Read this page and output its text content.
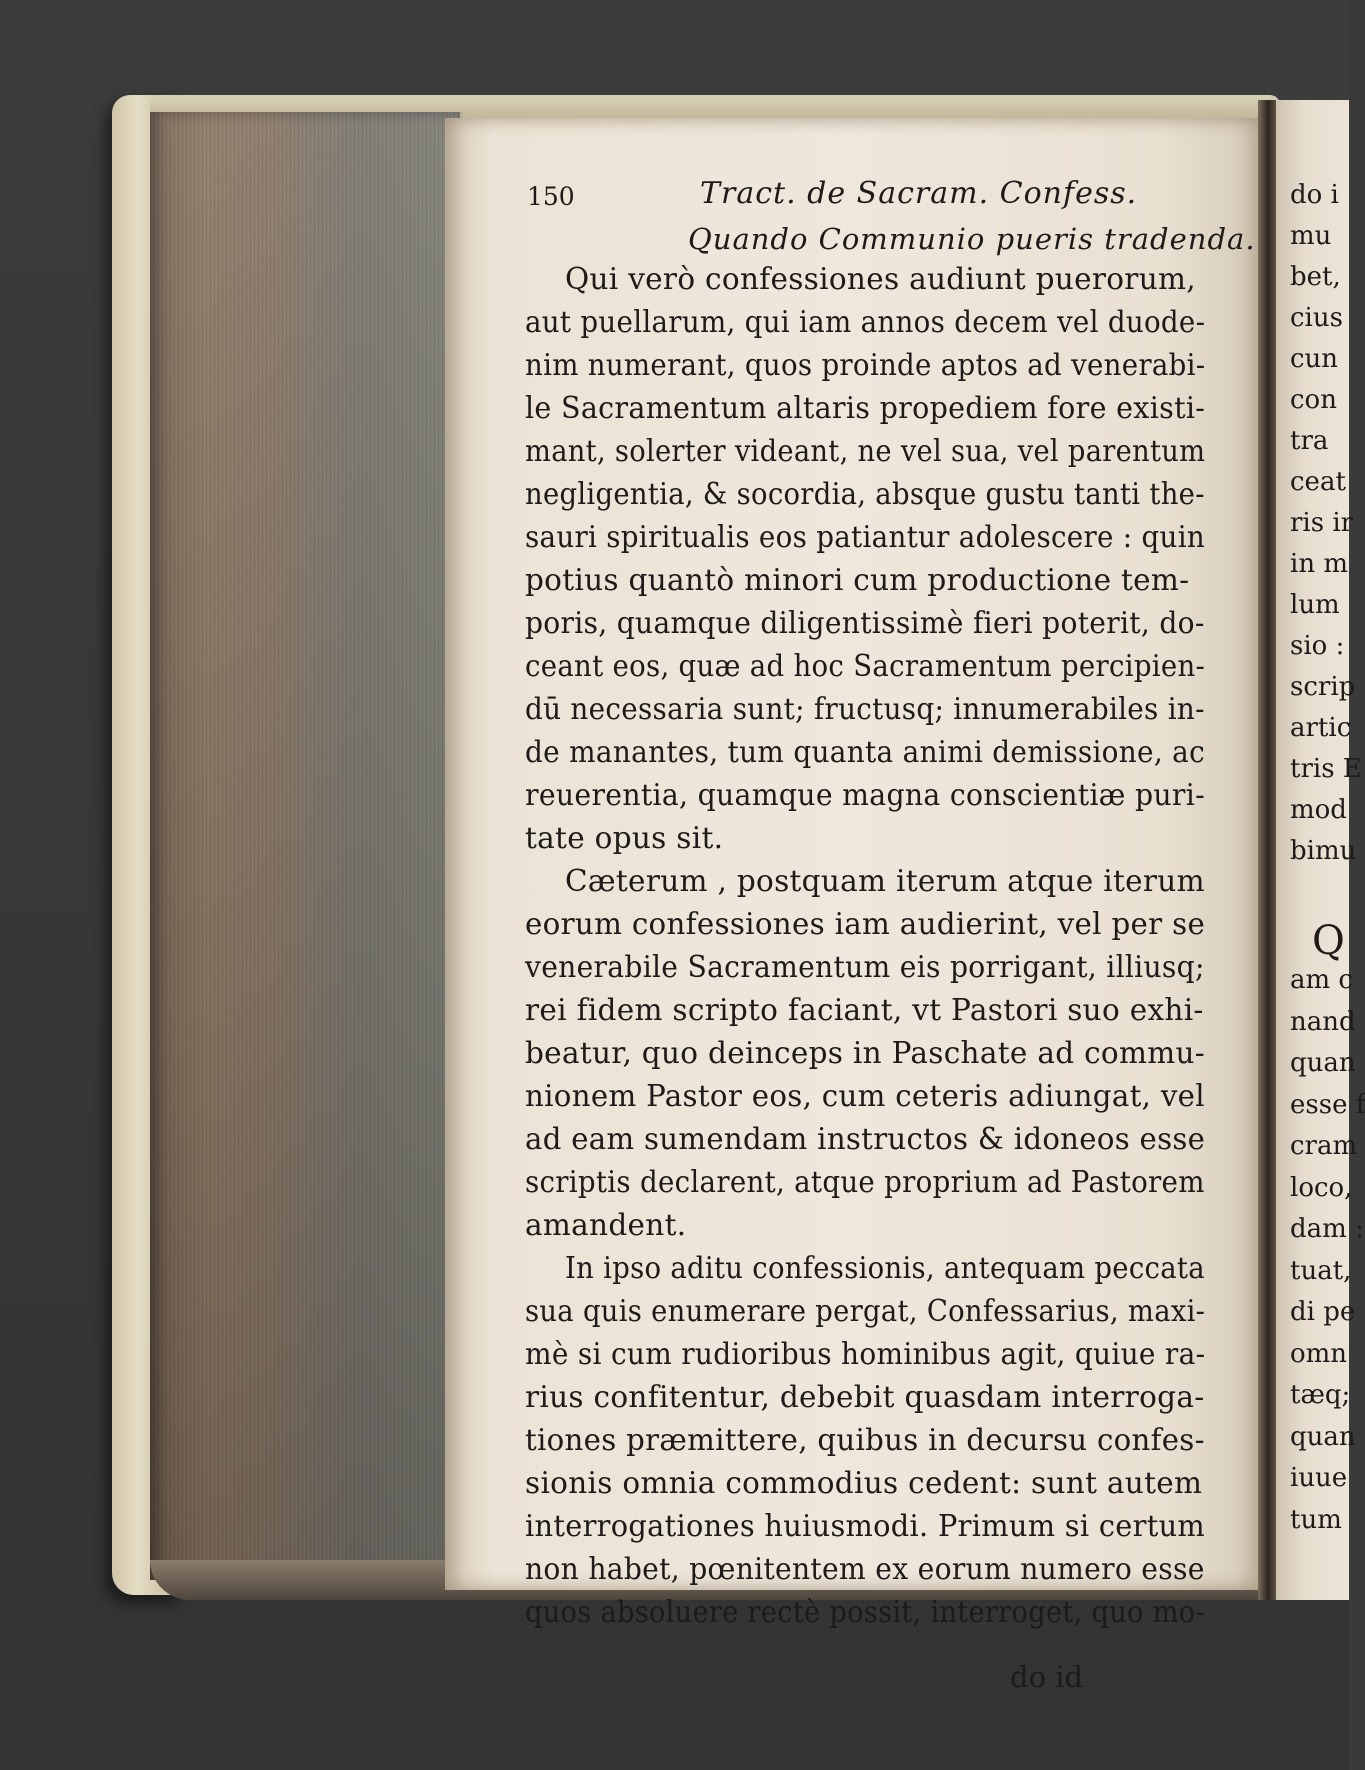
150	Tract. de Sacram. Confess.
Quando Communio pueris tradenda.
Qui verò confessiones audiunt puerorum,
aut puellarum, qui iam annos decem vel duode-
nim numerant, quos proinde aptos ad venerabi-
le Sacramentum altaris propediem fore existi-
mant, solerter videant, ne vel sua, vel parentum
negligentia, & socordia, absque gustu tanti the-
sauri spiritualis eos patiantur adolescere : quin
potius quantò minori cum productione tem-
poris, quamque diligentissimè fieri poterit, do-
ceant eos, quæ ad hoc Sacramentum percipien-
dū necessaria sunt; fructusq; innumerabiles in-
de manantes, tum quanta animi demissione, ac
reuerentia, quamque magna conscientiæ puri-
tate opus sit.
Cæterum , postquam iterum atque iterum
eorum confessiones iam audierint, vel per se
venerabile Sacramentum eis porrigant, illiusq;
rei fidem scripto faciant, vt Pastori suo exhi-
beatur, quo deinceps in Paschate ad commu-
nionem Pastor eos, cum ceteris adiungat, vel
ad eam sumendam instructos & idoneos esse
scriptis declarent, atque proprium ad Pastorem
amandent.
In ipso aditu confessionis, antequam peccata
sua quis enumerare pergat, Confessarius, maxi-
mè si cum rudioribus hominibus agit, quiue ra-
rius confitentur, debebit quasdam interroga-
tiones præmittere, quibus in decursu confes-
sionis omnia commodius cedent: sunt autem
interrogationes huiusmodi. Primum si certum
non habet, pœnitentem ex eorum numero esse
quos absoluere rectè possit, interroget, quo mo-
do id
do i
mu
bet,
cius
cun
con
tra
ceat
ris ir
in m
lum
sio :
scrip
artic
tris E
mod
bimu
Q
am c
nand
quan
esse f
cram
loco,
dam :
tuat,
di pe
omn
tæq;
quan
iuue
tum
